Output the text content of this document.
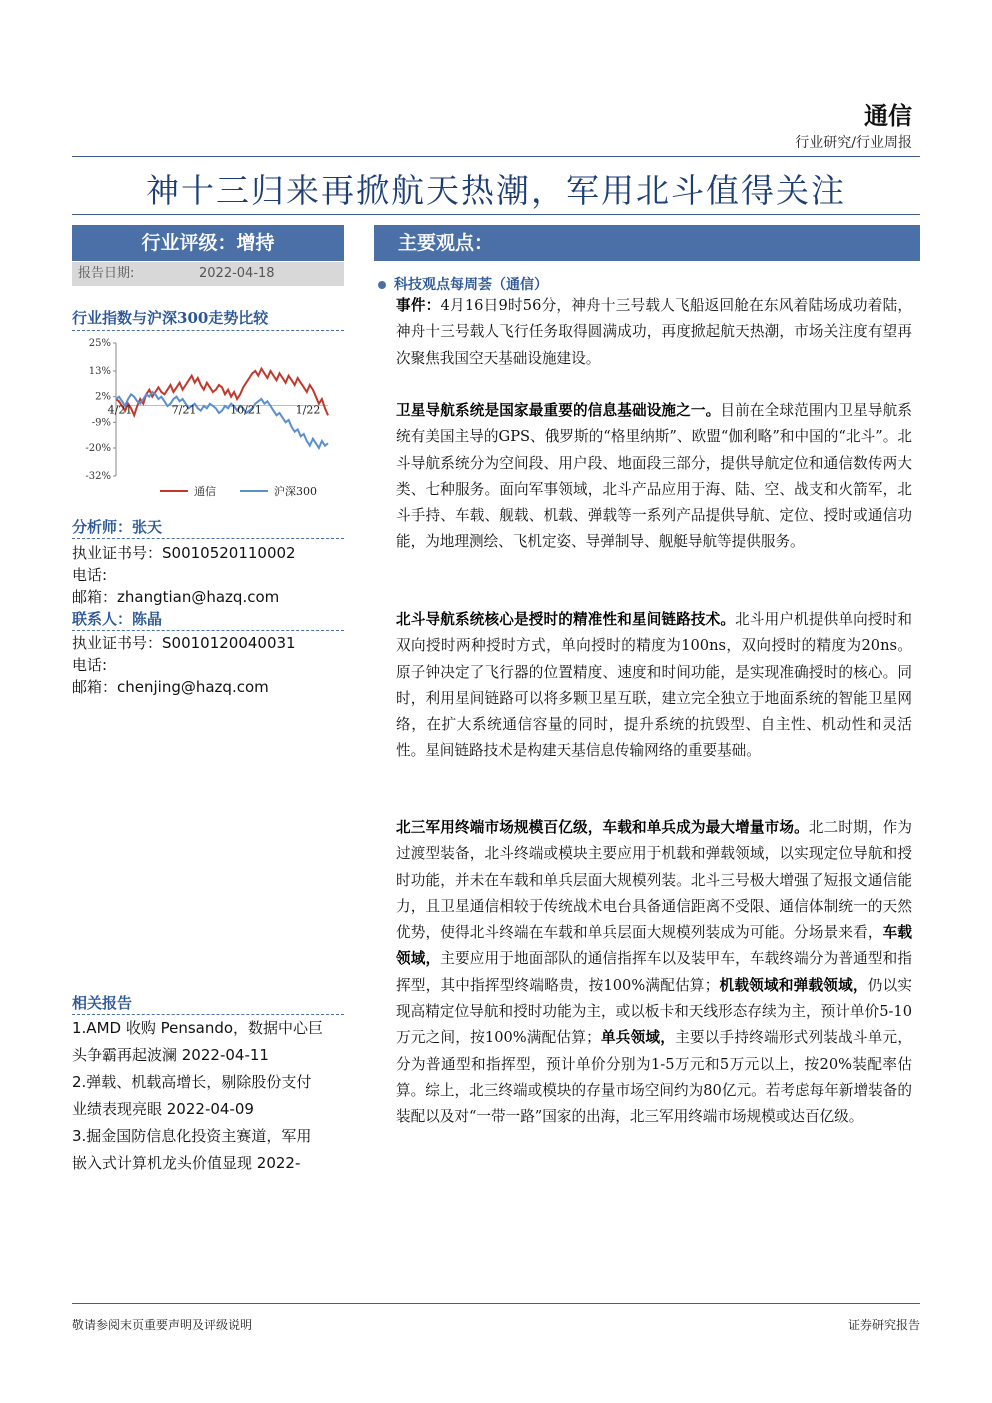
通信
行业研究/行业周报
神十三归来再掀航天热潮，军用北斗值得关注
行业评级：增持
报告日期:	2022-04-18
主要观点：
行业指数与沪深300走势比较
25%
13%
2%
-9%
-20%
-32%
4/21	7/21	10/21	1/22
通信	沪深300
分析师：张天
执业证书号：S0010520110002
电话:
邮箱：zhangtian@hazq.com
联系人：陈晶
执业证书号：S0010120040031
电话:
邮箱：chenjing@hazq.com
相关报告
1.AMD 收购 Pensando，数据中心巨
头争霸再起波澜 2022-04-11
2.弹载、机载高增长，剔除股份支付
业绩表现亮眼 2022-04-09
3.掘金国防信息化投资主赛道，军用
嵌入式计算机龙头价值显现 2022-
科技观点每周荟（通信）
事件：4月16日9时56分，神舟十三号载人飞船返回舱在东风着陆场成功着陆，神舟十三号载人飞行任务取得圆满成功，再度掀起航天热潮，市场关注度有望再次聚焦我国空天基础设施建设。
卫星导航系统是国家最重要的信息基础设施之一。目前在全球范围内卫星导航系统有美国主导的GPS、俄罗斯的“格里纳斯”、欧盟“伽利略”和中国的“北斗”。北斗导航系统分为空间段、用户段、地面段三部分，提供导航定位和通信数传两大类、七种服务。面向军事领域，北斗产品应用于海、陆、空、战支和火箭军，北斗手持、车载、舰载、机载、弹载等一系列产品提供导航、定位、授时或通信功能，为地理测绘、飞机定姿、导弹制导、舰艇导航等提供服务。
北斗导航系统核心是授时的精准性和星间链路技术。北斗用户机提供单向授时和双向授时两种授时方式，单向授时的精度为100ns，双向授时的精度为20ns。原子钟决定了飞行器的位置精度、速度和时间功能，是实现准确授时的核心。同时，利用星间链路可以将多颗卫星互联，建立完全独立于地面系统的智能卫星网络，在扩大系统通信容量的同时，提升系统的抗毁型、自主性、机动性和灵活性。星间链路技术是构建天基信息传输网络的重要基础。
北三军用终端市场规模百亿级，车载和单兵成为最大增量市场。北二时期，作为过渡型装备，北斗终端或模块主要应用于机载和弹载领域，以实现定位导航和授时功能，并未在车载和单兵层面大规模列装。北斗三号极大增强了短报文通信能力，且卫星通信相较于传统战术电台具备通信距离不受限、通信体制统一的天然优势，使得北斗终端在车载和单兵层面大规模列装成为可能。分场景来看，车载领域，主要应用于地面部队的通信指挥车以及装甲车，车载终端分为普通型和指挥型，其中指挥型终端略贵，按100%满配估算；机载领域和弹载领域，仍以实现高精定位导航和授时功能为主，或以板卡和天线形态存续为主，预计单价5-10万元之间，按100%满配估算；单兵领域，主要以手持终端形式列装战斗单元，分为普通型和指挥型，预计单价分别为1-5万元和5万元以上，按20%装配率估算。综上，北三终端或模块的存量市场空间约为80亿元。若考虑每年新增装备的装配以及对“一带一路”国家的出海，北三军用终端市场规模或达百亿级。
敬请参阅末页重要声明及评级说明	证券研究报告
